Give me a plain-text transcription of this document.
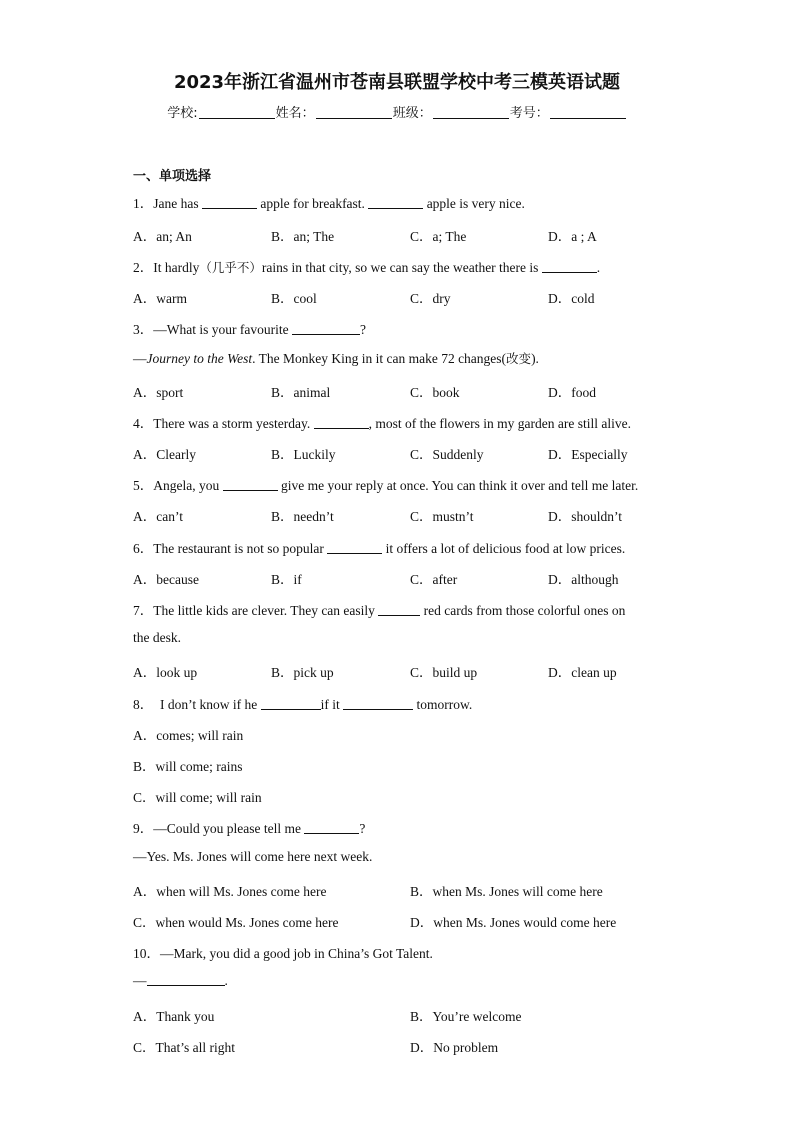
2023年浙江省温州市苍南县联盟学校中考三模英语试题
学校:	姓名：	班级：	考号：
一、单项选择
1．Jane has	apple for breakfast.	apple is very nice.
A．an; An	B．an; The	C．a; The	D．a ; A
2．It hardly（几乎不）rains in that city, so we can say the weather there is	.
A．warm	B．cool	C．dry	D．cold
3．—What is your favourite	?
—Journey to the West. The Monkey King in it can make 72 changes(改变).
A．sport	B．animal	C．book	D．food
4．There was a storm yesterday.	, most of the flowers in my garden are still alive.
A．Clearly	B．Luckily	C．Suddenly	D．Especially
5．Angela, you	give me your reply at once. You can think it over and tell me later.
A．can’t	B．needn’t	C．mustn’t	D．shouldn’t
6．The restaurant is not so popular	it offers a lot of delicious food at low prices.
A．because	B．if	C．after	D．although
7．The little kids are clever. They can easily	red cards from those colorful ones on
the desk.
A．look up	B．pick up	C．build up	D．clean up
8． I don’t know if he	if it	tomorrow.
A．comes; will rain
B．will come; rains
C．will come; will rain
9．—Could you please tell me	?
—Yes. Ms. Jones will come here next week.
A．when will Ms. Jones come here	B．when Ms. Jones will come here
C．when would Ms. Jones come here	D．when Ms. Jones would come here
10．—Mark, you did a good job in China’s Got Talent.
—	.
A．Thank you	B．You’re welcome
C．That’s all right	D．No problem
